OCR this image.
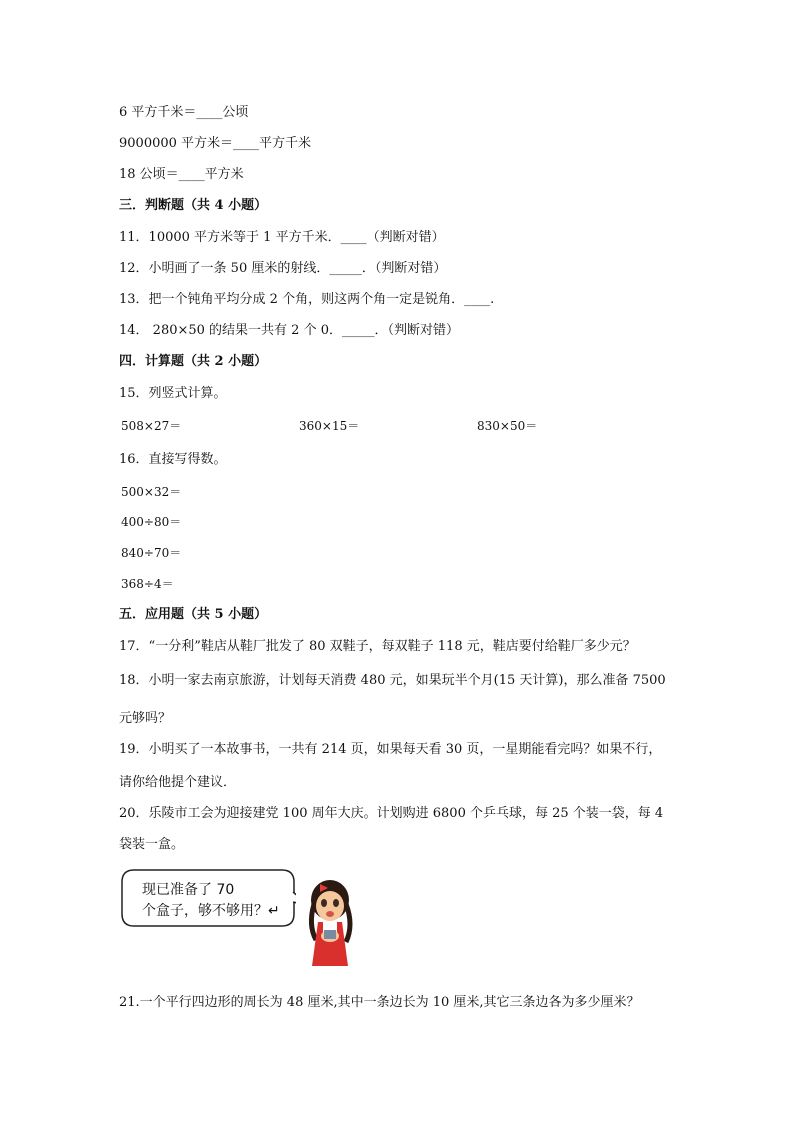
6 平方千米＝____公顷
9000000 平方米＝____平方千米
18 公顷＝____平方米
三．判断题（共 4 小题）
11．10000 平方米等于 1 平方千米．____（判断对错）
12．小明画了一条 50 厘米的射线．_____．（判断对错）
13．把一个钝角平均分成 2 个角，则这两个角一定是锐角．____.
14． 280×50 的结果一共有 2 个 0．_____．（判断对错）
四．计算题（共 2 小题）
15．列竖式计算。
508×27＝	360×15＝	830×50＝
16．直接写得数。
500×32＝
400÷80＝
840÷70＝
368÷4＝
五．应用题（共 5 小题）
17．“一分利”鞋店从鞋厂批发了 80 双鞋子，每双鞋子 118 元，鞋店要付给鞋厂多少元？
18．小明一家去南京旅游，计划每天消费 480 元，如果玩半个月(15 天计算)，那么准备 7500
元够吗？
19．小明买了一本故事书，一共有 214 页，如果每天看 30 页，一星期能看完吗？如果不行，
请你给他提个建议．
20．乐陵市工会为迎接建党 100 周年大庆。计划购进 6800 个乒乓球，每 25 个装一袋，每 4
袋装一盒。
现已准备了 70
个盒子，够不够用？↵
21.一个平行四边形的周长为 48 厘米,其中一条边长为 10 厘米,其它三条边各为多少厘米？
